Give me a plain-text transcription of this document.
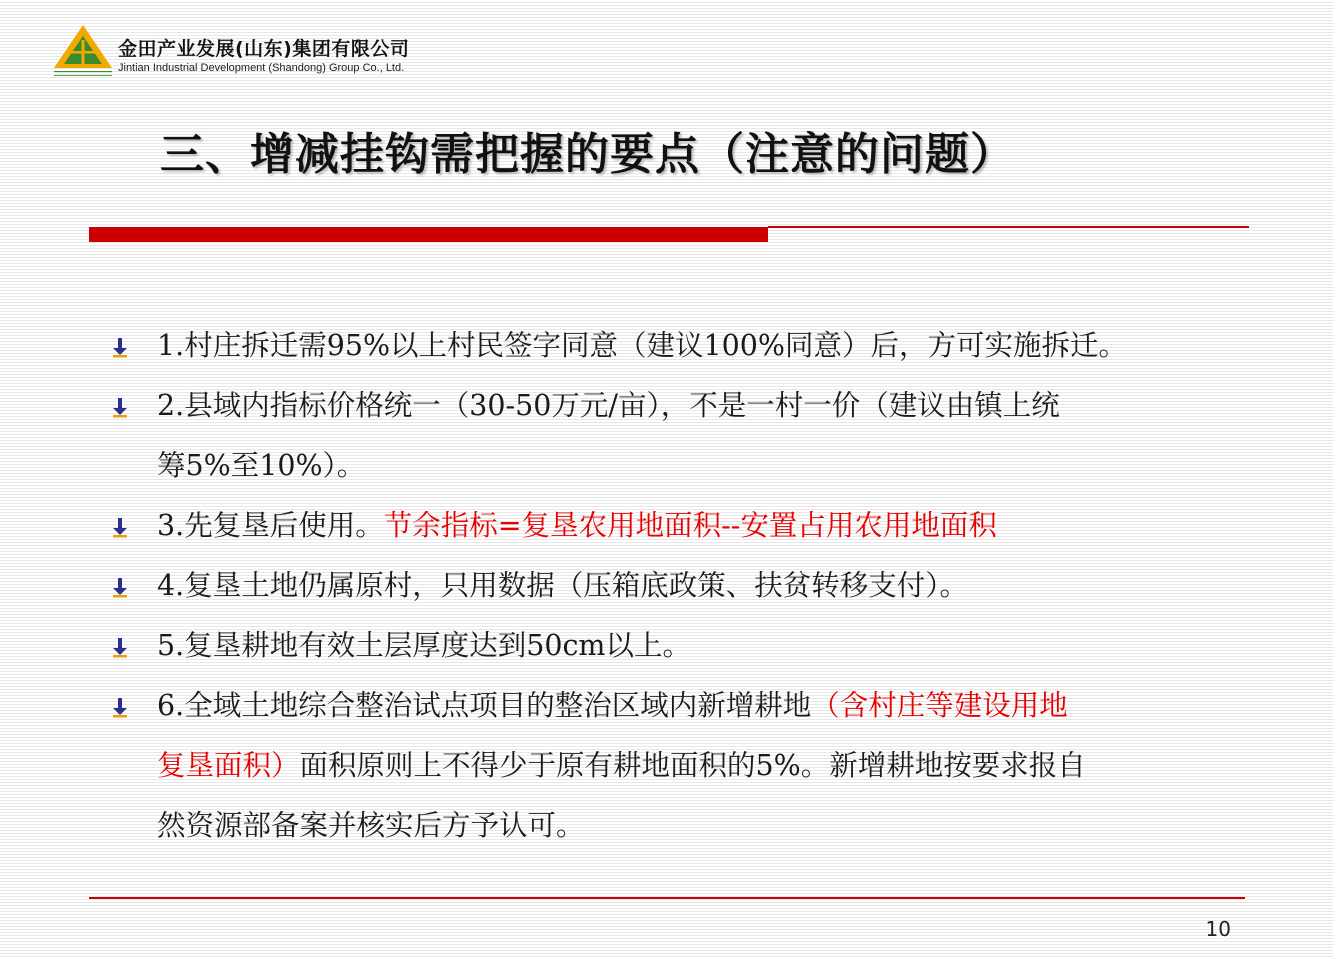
金田产业发展(山东)集团有限公司
Jintian Industrial Development (Shandong) Group Co., Ltd.
三、增减挂钩需把握的要点（注意的问题）
1.村庄拆迁需95%以上村民签字同意（建议100%同意）后，方可实施拆迁。
2.县域内指标价格统一（30-50万元/亩），不是一村一价（建议由镇上统
筹5%至10%）。
3.先复垦后使用。节余指标=复垦农用地面积--安置占用农用地面积
4.复垦土地仍属原村，只用数据（压箱底政策、扶贫转移支付）。
5.复垦耕地有效土层厚度达到50cm以上。
6.全域土地综合整治试点项目的整治区域内新增耕地（含村庄等建设用地
复垦面积）面积原则上不得少于原有耕地面积的5%。新增耕地按要求报自
然资源部备案并核实后方予认可。
10
